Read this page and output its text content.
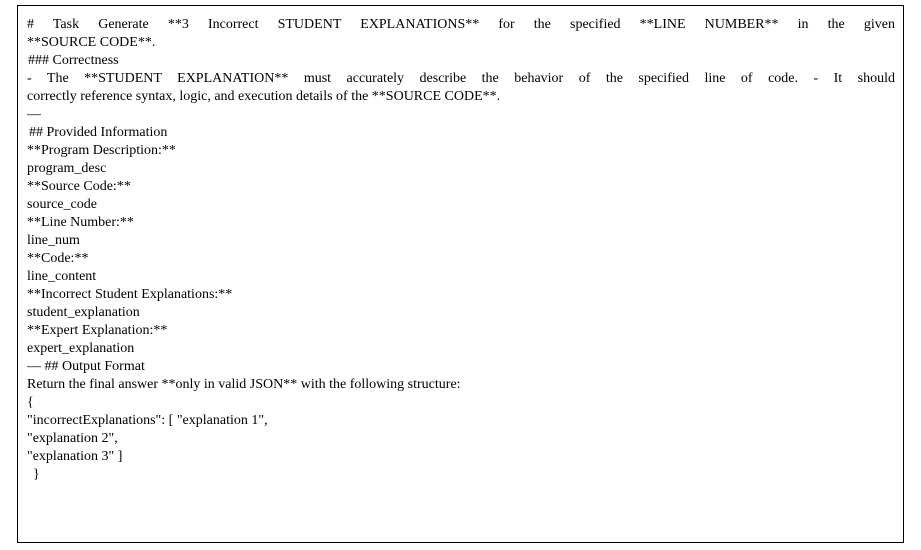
# Task Generate **3 Incorrect STUDENT EXPLANATIONS** for the specified **LINE NUMBER** in the given
**SOURCE CODE**.
### Correctness
- The **STUDENT EXPLANATION** must accurately describe the behavior of the specified line of code. - It should
correctly reference syntax, logic, and execution details of the **SOURCE CODE**.
—
## Provided Information
**Program Description:**
program_desc
**Source Code:**
source_code
**Line Number:**
line_num
**Code:**
line_content
**Incorrect Student Explanations:**
student_explanation
**Expert Explanation:**
expert_explanation
— ## Output Format
Return the final answer **only in valid JSON** with the following structure:
{
"incorrectExplanations": [ "explanation 1",
"explanation 2",
"explanation 3" ]
}
